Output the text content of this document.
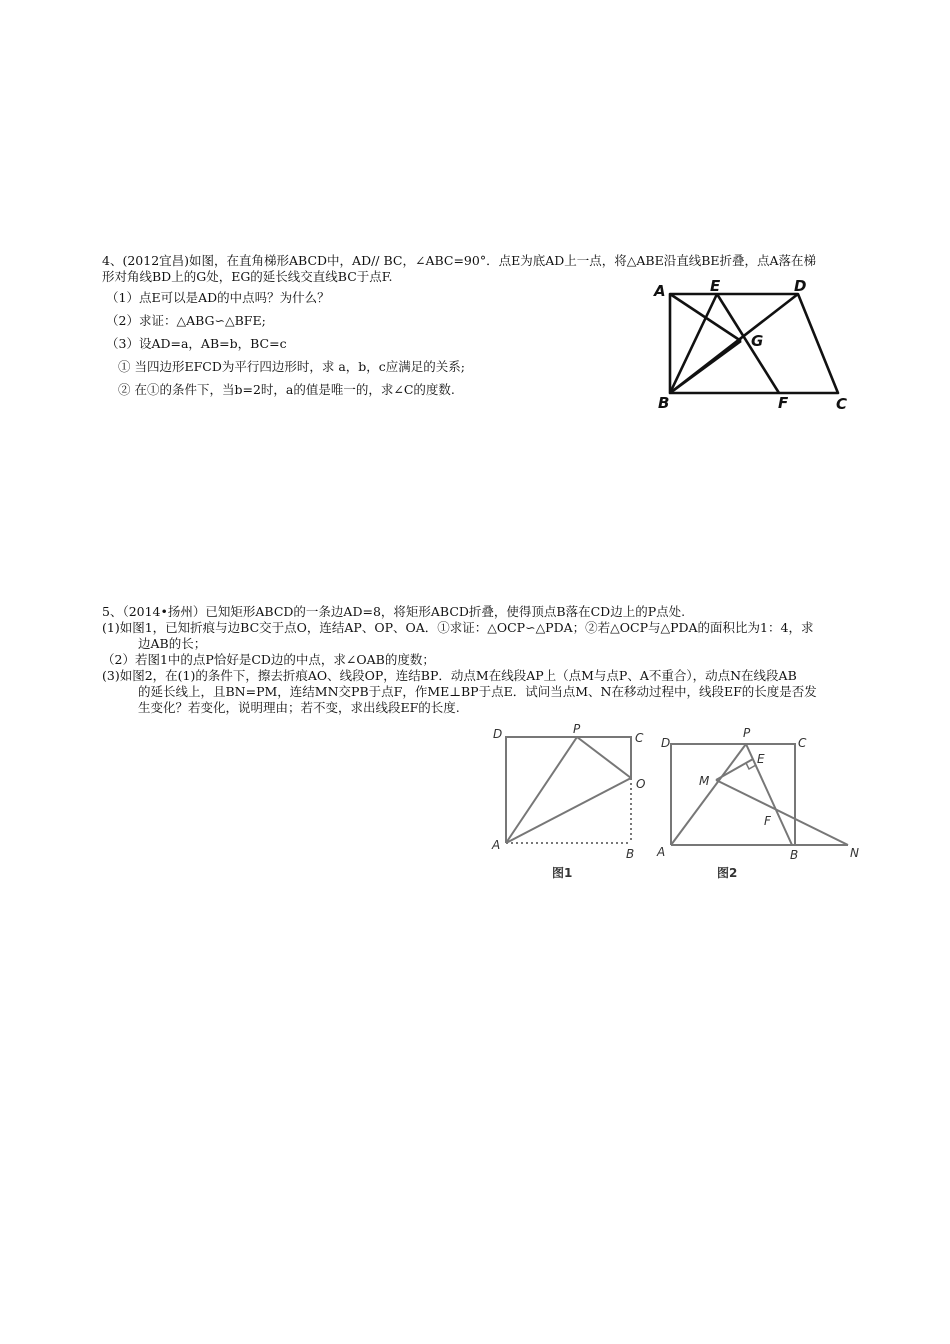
4、(2012宜昌)如图，在直角梯形ABCD中，AD// BC，∠ABC=90°．点E为底AD上一点，将△ABE沿直线BE折叠，点A落在梯
形对角线BD上的G处，EG的延长线交直线BC于点F.
（1）点E可以是AD的中点吗？为什么？
（2）求证：△ABG∽△BFE;
（3）设AD=a，AB=b，BC=c
① 当四边形EFCD为平行四边形时，求 a，b，c应满足的关系;
② 在①的条件下，当b=2时，a的值是唯一的，求∠C的度数.
A	E	D
G
B	F	C
5、（2014•扬州）已知矩形ABCD的一条边AD=8，将矩形ABCD折叠，使得顶点B落在CD边上的P点处.
(1)如图1，已知折痕与边BC交于点O，连结AP、OP、OA．①求证：△OCP∽△PDA；②若△OCP与△PDA的面积比为1：4，求
边AB的长；
（2）若图1中的点P恰好是CD边的中点，求∠OAB的度数；
(3)如图2，在(1)的条件下，擦去折痕AO、线段OP，连结BP．动点M在线段AP上（点M与点P、A不重合），动点N在线段AB
的延长线上，且BN=PM，连结MN交PB于点F，作ME⊥BP于点E．试问当点M、N在移动过程中，线段EF的长度是否发
生变化？若变化，说明理由；若不变，求出线段EF的长度.
D	P
C
O
A
B
图1
D
P
C
E
M
F
A	B	N
图2
